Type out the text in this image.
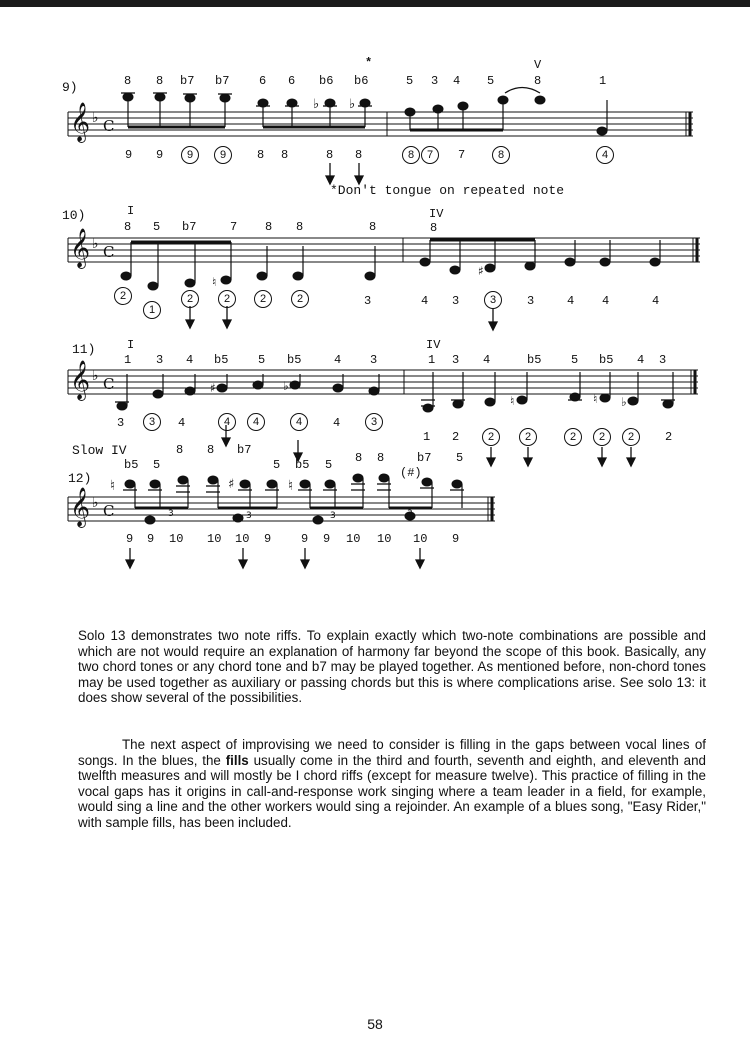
𝄞 ♭ C
𝄞 ♭ C
𝄞 ♭ C
𝄞 ♭ C
♭ ♭
♯
♮
♯	♭
♮	♮ ♭
♮	♯	♮
3	3	3	3
9)	8 8 b7 b7 6 6 b6 b6	5 3 4 5	8	1
*	V
9 9	9	9	8 8	8 8	8	7	7	8	4
*Don't tongue on repeated note
10)	I	IV
8 5 b7	7 8 8	8	8
2
1
2	2	2	2	3	4 3	3	3	4 4	4
11)	I	IV
1 3 4 b5 5 b5	4 3	1 3 4	b5 5 b5 4 3
3	3	4	4	4	4	4	3
1 2	2	2	2	2	2	2
Slow IV
12)
b5 5
8 8 b7
5 b5 5 8 8	b7 5
(#)
9 9 10 10 10 9 9 9 10 10 10 9

Solo 13 demonstrates two note riffs. To explain exactly which two-note combinations are possible and which are not would require an explanation of harmony far beyond the scope of this book. Basically, any two chord tones or any chord tone and b7 may be played together. As mentioned before, non-chord tones may be used together as auxiliary or passing chords but this is where complications arise. See solo 13: it does show several of the possibilities.

The next aspect of improvising we need to consider is filling in the gaps between vocal lines of songs. In the blues, the fills usually come in the third and fourth, seventh and eighth, and eleventh and twelfth measures and will mostly be I chord riffs (except for measure twelve). This practice of filling in the vocal gaps has it origins in call-and-response work singing where a team leader in a field, for example, would sing a line and the other workers would sing a rejoinder. An example of a blues song, "Easy Rider," with sample fills, has been included.

58
